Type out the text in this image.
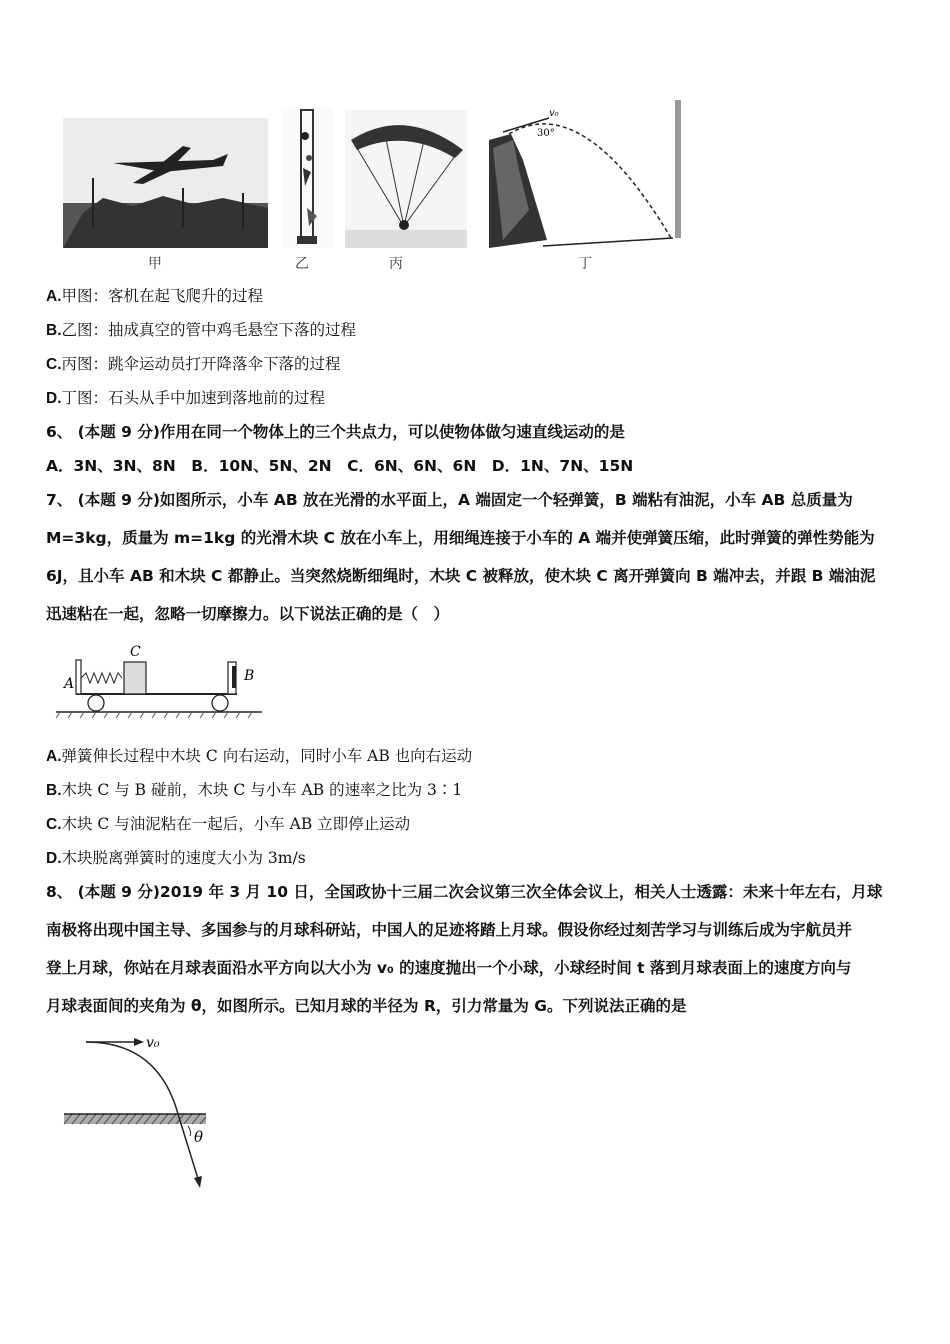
v₀
30°
甲	乙	丙	丁
A.甲图：客机在起飞爬升的过程
B.乙图：抽成真空的管中鸡毛悬空下落的过程
C.丙图：跳伞运动员打开降落伞下落的过程
D.丁图：石头从手中加速到落地前的过程
6、 (本题 9 分)作用在同一个物体上的三个共点力，可以使物体做匀速直线运动的是
A．3N、3N、8N　B．10N、5N、2N　C．6N、6N、6N　D．1N、7N、15N
7、 (本题 9 分)如图所示，小车 AB 放在光滑的水平面上，A 端固定一个轻弹簧，B 端粘有油泥，小车 AB 总质量为
M=3kg，质量为 m=1kg 的光滑木块 C 放在小车上，用细绳连接于小车的 A 端并使弹簧压缩，此时弹簧的弹性势能为
6J，且小车 AB 和木块 C 都静止。当突然烧断细绳时，木块 C 被释放，使木块 C 离开弹簧向 B 端冲去，并跟 B 端油泥
迅速粘在一起，忽略一切摩擦力。以下说法正确的是（　）
A
C
B
A.弹簧伸长过程中木块 C 向右运动，同时小车 AB 也向右运动
B.木块 C 与 B 碰前，木块 C 与小车 AB 的速率之比为 3∶1
C.木块 C 与油泥粘在一起后，小车 AB 立即停止运动
D.木块脱离弹簧时的速度大小为 3m/s
8、 (本题 9 分)2019 年 3 月 10 日，全国政协十三届二次会议第三次全体会议上，相关人士透露：未来十年左右，月球
南极将出现中国主导、多国参与的月球科研站，中国人的足迹将踏上月球。假设你经过刻苦学习与训练后成为宇航员并
登上月球，你站在月球表面沿水平方向以大小为 v₀ 的速度抛出一个小球，小球经时间 t 落到月球表面上的速度方向与
月球表面间的夹角为 θ，如图所示。已知月球的半径为 R，引力常量为 G。下列说法正确的是
v₀
θ
